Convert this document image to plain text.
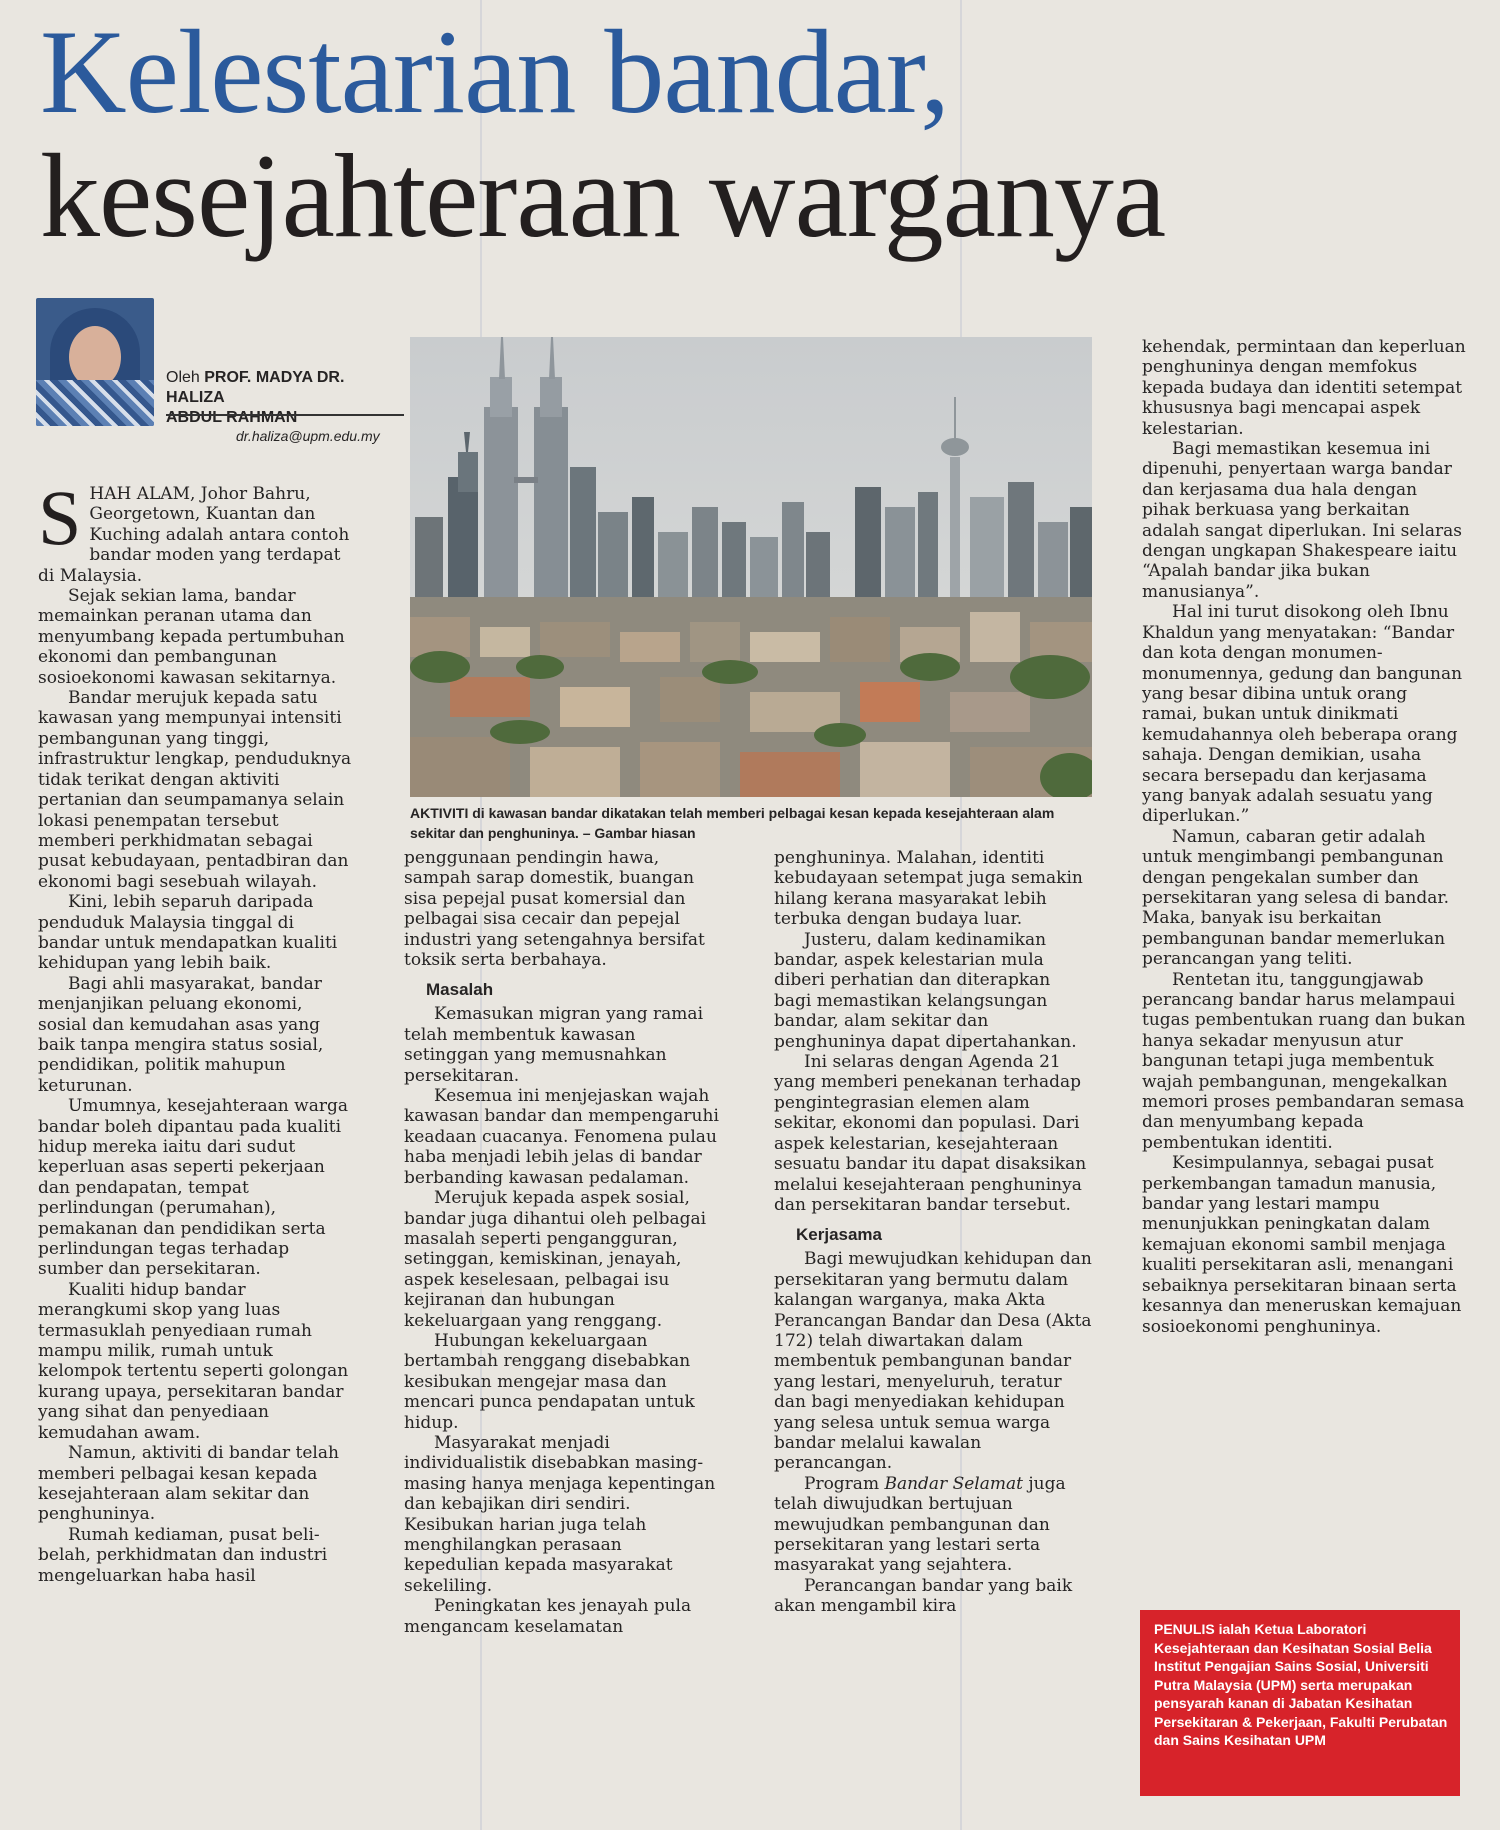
Kelestarian bandar,
kesejahteraan warganya
Oleh PROF. MADYA DR. HALIZA
ABDUL RAHMAN
dr.haliza@upm.edu.my
AKTIVITI di kawasan bandar dikatakan telah memberi pelbagai kesan kepada kesejahteraan alam sekitar dan penghuninya. – Gambar hiasan

SHAH ALAM, Johor Bahru, Georgetown, Kuantan dan Kuching adalah antara contoh bandar moden yang terdapat di Malaysia.

Sejak sekian lama, bandar memainkan peranan utama dan menyumbang kepada pertumbuhan ekonomi dan pembangunan sosioekonomi kawasan sekitarnya.

Bandar merujuk kepada satu kawasan yang mempunyai intensiti pembangunan yang tinggi, infrastruktur lengkap, penduduknya tidak terikat dengan aktiviti pertanian dan seumpamanya selain lokasi penempatan tersebut memberi perkhidmatan sebagai pusat kebudayaan, pentadbiran dan ekonomi bagi sesebuah wilayah.

Kini, lebih separuh daripada penduduk Malaysia tinggal di bandar untuk mendapatkan kualiti kehidupan yang lebih baik.

Bagi ahli masyarakat, bandar menjanjikan peluang ekonomi, sosial dan kemudahan asas yang baik tanpa mengira status sosial, pendidikan, politik mahupun keturunan.

Umumnya, kesejahteraan warga bandar boleh dipantau pada kualiti hidup mereka iaitu dari sudut keperluan asas seperti pekerjaan dan pendapatan, tempat perlindungan (perumahan), pemakanan dan pendidikan serta perlindungan tegas terhadap sumber dan persekitaran.

Kualiti hidup bandar merangkumi skop yang luas termasuklah penyediaan rumah mampu milik, rumah untuk kelompok tertentu seperti golongan kurang upaya, persekitaran bandar yang sihat dan penyediaan kemudahan awam.

Namun, aktiviti di bandar telah memberi pelbagai kesan kepada kesejahteraan alam sekitar dan penghuninya.

Rumah kediaman, pusat beli-belah, perkhidmatan dan industri mengeluarkan haba hasil

penggunaan pendingin hawa, sampah sarap domestik, buangan sisa pepejal pusat komersial dan pelbagai sisa cecair dan pepejal industri yang setengahnya bersifat toksik serta berbahaya.

Masalah

Kemasukan migran yang ramai telah membentuk kawasan setinggan yang memusnahkan persekitaran.

Kesemua ini menjejaskan wajah kawasan bandar dan mempengaruhi keadaan cuacanya. Fenomena pulau haba menjadi lebih jelas di bandar berbanding kawasan pedalaman.

Merujuk kepada aspek sosial, bandar juga dihantui oleh pelbagai masalah seperti pengangguran, setinggan, kemiskinan, jenayah, aspek keselesaan, pelbagai isu kejiranan dan hubungan kekeluargaan yang renggang.

Hubungan kekeluargaan bertambah renggang disebabkan kesibukan mengejar masa dan mencari punca pendapatan untuk hidup.

Masyarakat menjadi individualistik disebabkan masing-masing hanya menjaga kepentingan dan kebajikan diri sendiri. Kesibukan harian juga telah menghilangkan perasaan kepedulian kepada masyarakat sekeliling.

Peningkatan kes jenayah pula mengancam keselamatan

penghuninya. Malahan, identiti kebudayaan setempat juga semakin hilang kerana masyarakat lebih terbuka dengan budaya luar.

Justeru, dalam kedinamikan bandar, aspek kelestarian mula diberi perhatian dan diterapkan bagi memastikan kelangsungan bandar, alam sekitar dan penghuninya dapat dipertahankan.

Ini selaras dengan Agenda 21 yang memberi penekanan terhadap pengintegrasian elemen alam sekitar, ekonomi dan populasi. Dari aspek kelestarian, kesejahteraan sesuatu bandar itu dapat disaksikan melalui kesejahteraan penghuninya dan persekitaran bandar tersebut.

Kerjasama

Bagi mewujudkan kehidupan dan persekitaran yang bermutu dalam kalangan warganya, maka Akta Perancangan Bandar dan Desa (Akta 172) telah diwartakan dalam membentuk pembangunan bandar yang lestari, menyeluruh, teratur dan bagi menyediakan kehidupan yang selesa untuk semua warga bandar melalui kawalan perancangan.

Program Bandar Selamat juga telah diwujudkan bertujuan mewujudkan pembangunan dan persekitaran yang lestari serta masyarakat yang sejahtera.

Perancangan bandar yang baik akan mengambil kira

kehendak, permintaan dan keperluan penghuninya dengan memfokus kepada budaya dan identiti setempat khususnya bagi mencapai aspek kelestarian.

Bagi memastikan kesemua ini dipenuhi, penyertaan warga bandar dan kerjasama dua hala dengan pihak berkuasa yang berkaitan adalah sangat diperlukan. Ini selaras dengan ungkapan Shakespeare iaitu “Apalah bandar jika bukan manusianya”.

Hal ini turut disokong oleh Ibnu Khaldun yang menyatakan: “Bandar dan kota dengan monumen-monumennya, gedung dan bangunan yang besar dibina untuk orang ramai, bukan untuk dinikmati kemudahannya oleh beberapa orang sahaja. Dengan demikian, usaha secara bersepadu dan kerjasama yang banyak adalah sesuatu yang diperlukan.”

Namun, cabaran getir adalah untuk mengimbangi pembangunan dengan pengekalan sumber dan persekitaran yang selesa di bandar. Maka, banyak isu berkaitan pembangunan bandar memerlukan perancangan yang teliti.

Rentetan itu, tanggungjawab perancang bandar harus melampaui tugas pembentukan ruang dan bukan hanya sekadar menyusun atur bangunan tetapi juga membentuk wajah pembangunan, mengekalkan memori proses pembandaran semasa dan menyumbang kepada pembentukan identiti.

Kesimpulannya, sebagai pusat perkembangan tamadun manusia, bandar yang lestari mampu menunjukkan peningkatan dalam kemajuan ekonomi sambil menjaga kualiti persekitaran asli, menangani sebaiknya persekitaran binaan serta kesannya dan meneruskan kemajuan sosioekonomi penghuninya.

PENULIS ialah Ketua Laboratori Kesejahteraan dan Kesihatan Sosial Belia Institut Pengajian Sains Sosial, Universiti Putra Malaysia (UPM) serta merupakan pensyarah kanan di Jabatan Kesihatan Persekitaran & Pekerjaan, Fakulti Perubatan dan Sains Kesihatan UPM
